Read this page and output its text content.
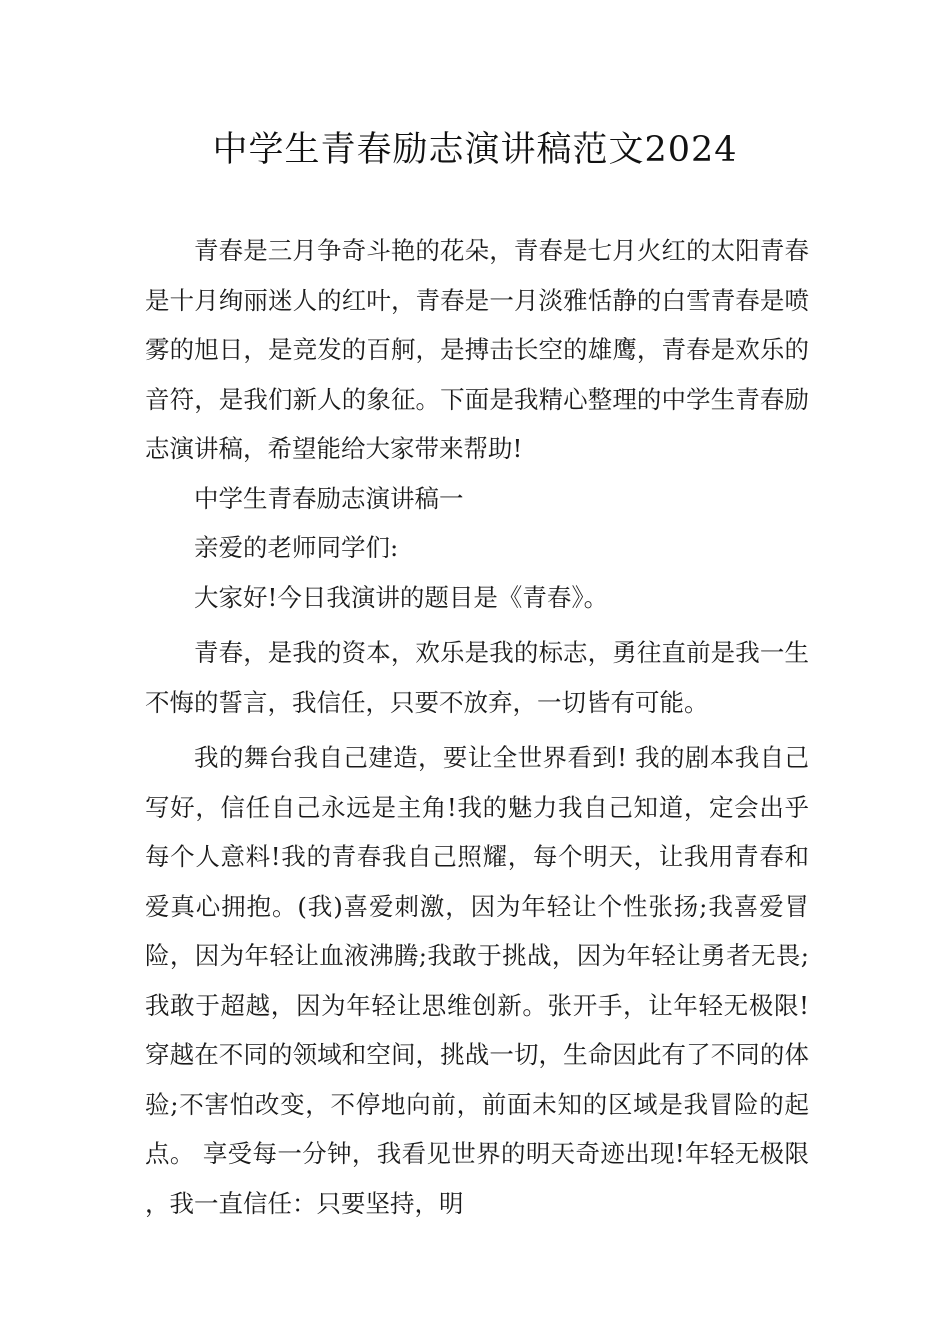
中学生青春励志演讲稿范文2024

青春是三月争奇斗艳的花朵，青春是七月火红的太阳青春是十月绚丽迷人的红叶，青春是一月淡雅恬静的白雪青春是喷雾的旭日，是竞发的百舸，是搏击长空的雄鹰，青春是欢乐的音符，是我们新人的象征。下面是我精心整理的中学生青春励志演讲稿，希望能给大家带来帮助!

中学生青春励志演讲稿一

亲爱的老师同学们:

大家好!今日我演讲的题目是《青春》。

青春，是我的资本，欢乐是我的标志，勇往直前是我一生不悔的誓言，我信任，只要不放弃，一切皆有可能。

我的舞台我自己建造，要让全世界看到! 我的剧本我自己写好，信任自己永远是主角!我的魅力我自己知道，定会出乎每个人意料!我的青春我自己照耀，每个明天，让我用青春和爱真心拥抱。(我)喜爱刺激，因为年轻让个性张扬;我喜爱冒险，因为年轻让血液沸腾;我敢于挑战，因为年轻让勇者无畏;我敢于超越，因为年轻让思维创新。张开手，让年轻无极限!穿越在不同的领域和空间，挑战一切，生命因此有了不同的体验;不害怕改变，不停地向前，前面未知的区域是我冒险的起点。 享受每一分钟，我看见世界的明天奇迹出现!年轻无极限，我一直信任：只要坚持，明
